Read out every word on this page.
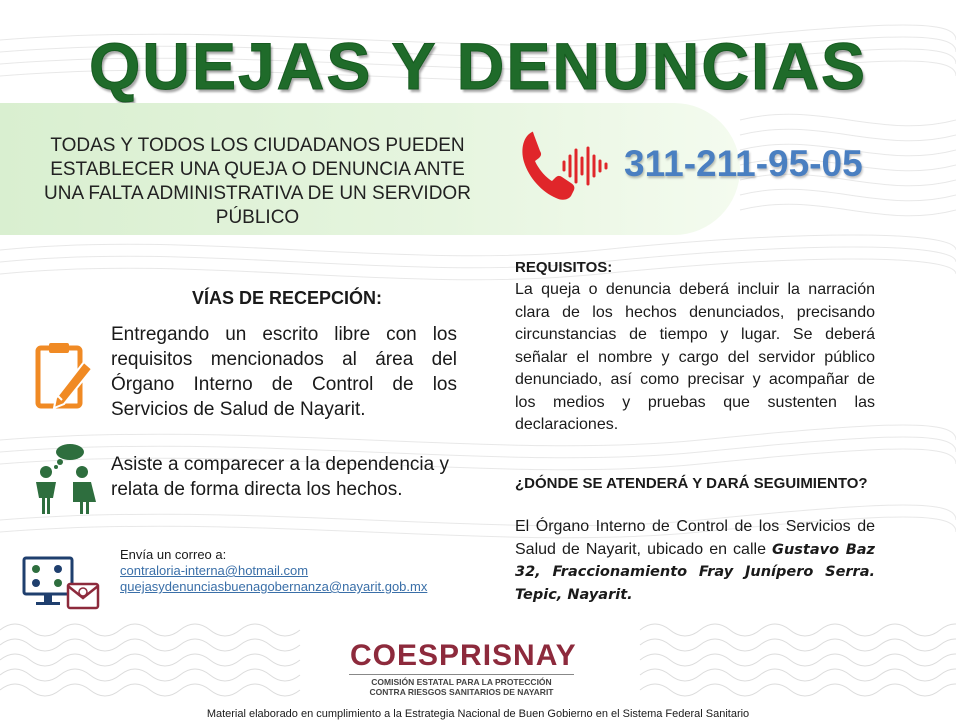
QUEJAS Y DENUNCIAS
TODAS Y TODOS LOS CIUDADANOS PUEDEN ESTABLECER UNA QUEJA O DENUNCIA ANTE UNA FALTA ADMINISTRATIVA DE UN SERVIDOR PÚBLICO
311-211-95-05
VÍAS DE RECEPCIÓN:
Entregando un escrito libre con los requisitos mencionados al área del Órgano Interno de Control de los Servicios de Salud de Nayarit.
Asiste a comparecer a la dependencia y relata de forma directa los hechos.
Envía un correo a:
contraloria-interna@hotmail.com
quejasydenunciasbuenagobernanza@nayarit.gob.mx
REQUISITOS:
La queja o denuncia deberá incluir la narración clara de los hechos denunciados, precisando circunstancias de tiempo y lugar. Se deberá señalar el nombre y cargo del servidor público denunciado, así como precisar y acompañar de los medios y pruebas que sustenten las declaraciones.
¿DÓNDE SE ATENDERÁ Y DARÁ SEGUIMIENTO?
El Órgano Interno de Control de los Servicios de Salud de Nayarit, ubicado en calle Gustavo Baz 32, Fraccionamiento Fray Junípero Serra. Tepic, Nayarit.
COESPRISNAY
COMISIÓN ESTATAL PARA LA PROTECCIÓN
CONTRA RIESGOS SANITARIOS DE NAYARIT
Material elaborado en cumplimiento a la Estrategia Nacional de Buen Gobierno en el Sistema Federal Sanitario
